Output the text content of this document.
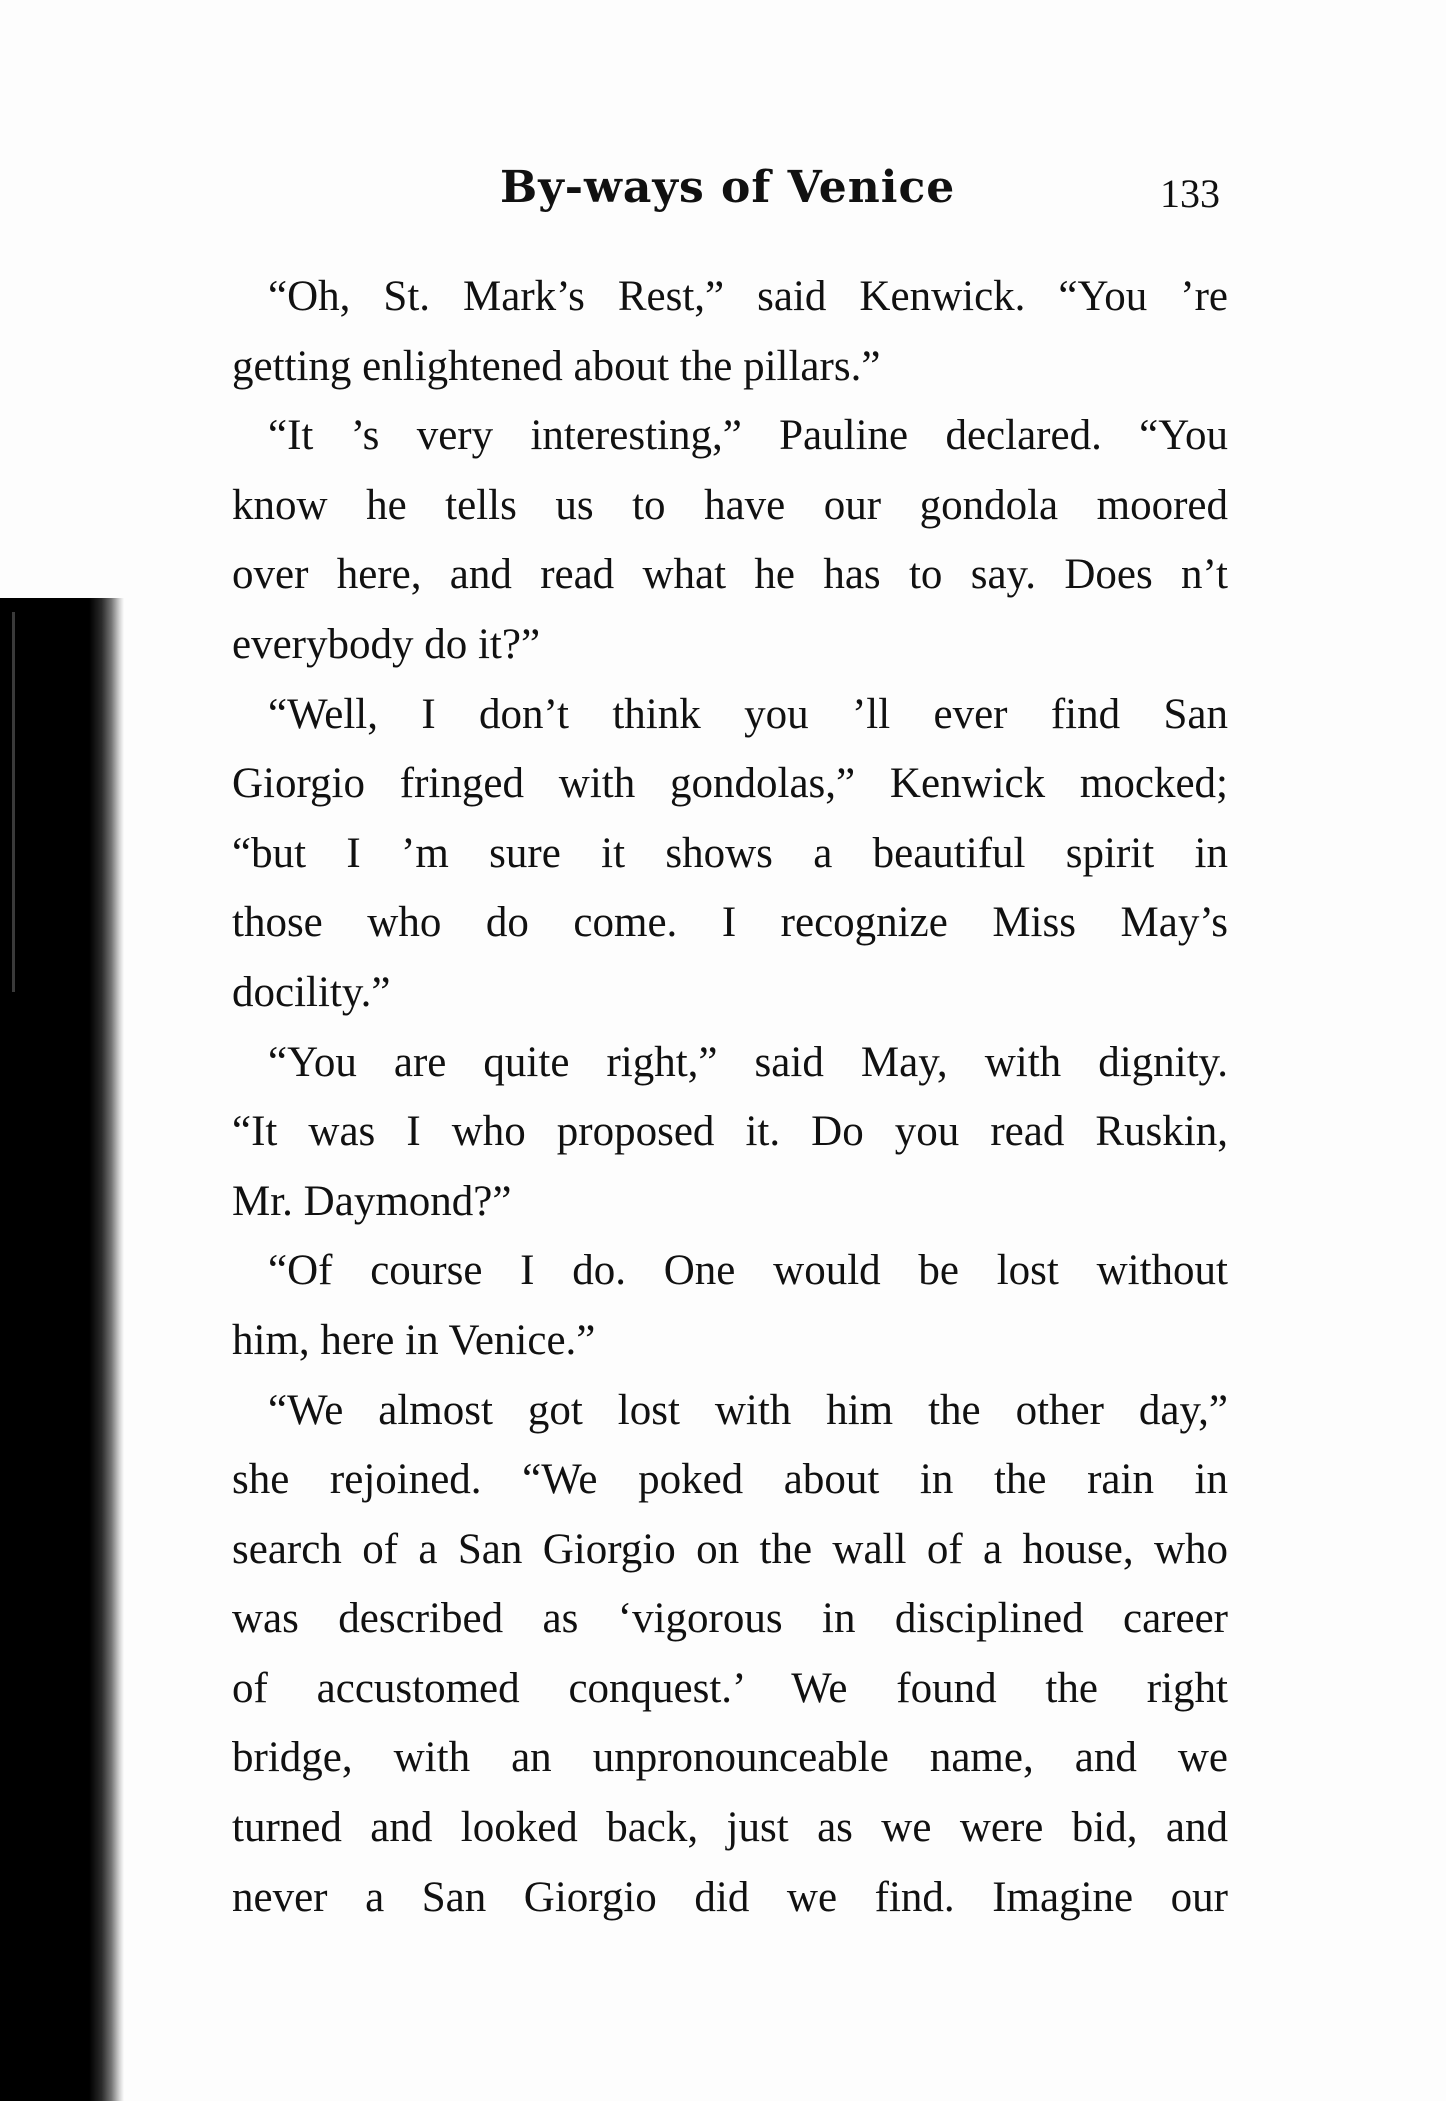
By-ways of Venice	133
“Oh, St. Mark’s Rest,” said Kenwick. “You ’re
getting enlightened about the pillars.”
“It ’s very interesting,” Pauline declared. “You
know he tells us to have our gondola moored
over here, and read what he has to say. Does n’t
everybody do it?”
“Well, I don’t think you ’ll ever find San
Giorgio fringed with gondolas,” Kenwick mocked;
“but I ’m sure it shows a beautiful spirit in
those who do come. I recognize Miss May’s
docility.”
“You are quite right,” said May, with dignity.
“It was I who proposed it. Do you read Ruskin,
Mr. Daymond?”
“Of course I do. One would be lost without
him, here in Venice.”
“We almost got lost with him the other day,”
she rejoined. “We poked about in the rain in
search of a San Giorgio on the wall of a house, who
was described as ‘vigorous in disciplined career
of accustomed conquest.’ We found the right
bridge, with an unpronounceable name, and we
turned and looked back, just as we were bid, and
never a San Giorgio did we find. Imagine our
